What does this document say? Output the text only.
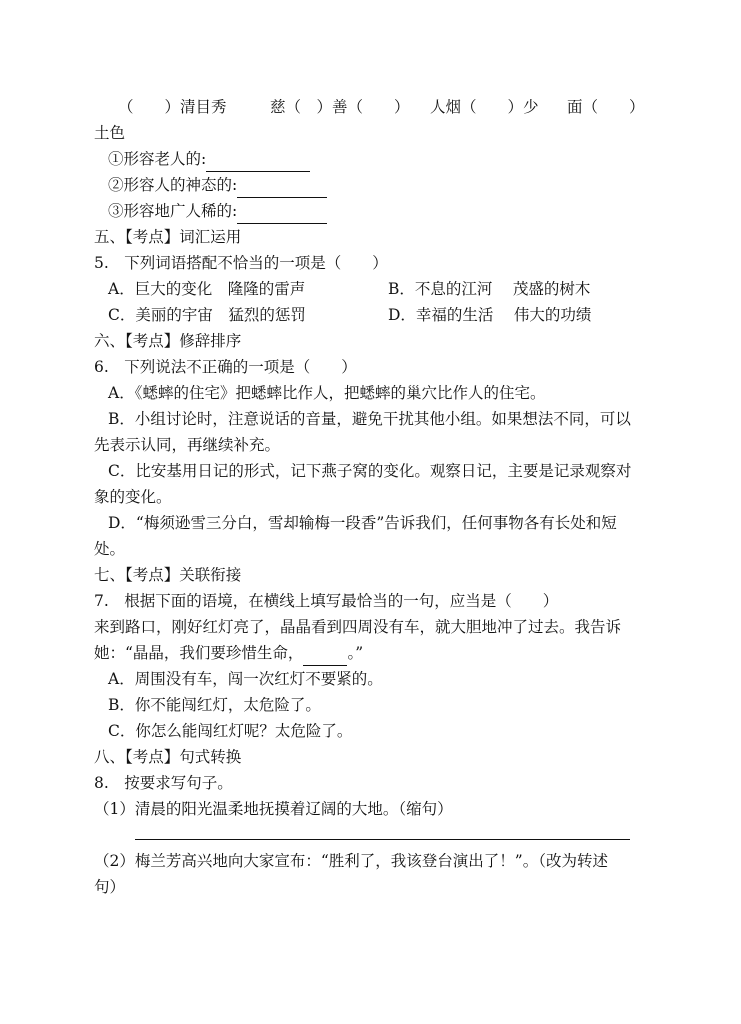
（　　）清目秀	慈（　）善（　　） 人烟（　　）少 面（　　）
土色
①形容老人的:
②形容人的神态的:
③形容地广人稀的:
五、【考点】词汇运用
5.　下列词语搭配不恰当的一项是（　　）
A．巨大的变化　隆隆的雷声	B．不息的江河　 茂盛的树木
C．美丽的宇宙　猛烈的惩罚	D．幸福的生活　 伟大的功绩
六、【考点】修辞排序
6.　下列说法不正确的一项是（　　）
A．《蟋蟀的住宅》把蟋蟀比作人，把蟋蟀的巢穴比作人的住宅。
B．小组讨论时，注意说话的音量，避免干扰其他小组。如果想法不同，可以
先表示认同，再继续补充。
C．比安基用日记的形式，记下燕子窝的变化。观察日记，主要是记录观察对
象的变化。
D．“梅须逊雪三分白，雪却输梅一段香”告诉我们，任何事物各有长处和短
处。
七、【考点】关联衔接
7.　根据下面的语境，在横线上填写最恰当的一句，应当是（　　）
来到路口，刚好红灯亮了，晶晶看到四周没有车，就大胆地冲了过去。我告诉
她：“晶晶，我们要珍惜生命，	。”
A．周围没有车，闯一次红灯不要紧的。
B．你不能闯红灯，太危险了。
C．你怎么能闯红灯呢？太危险了。
八、【考点】句式转换
8.　按要求写句子。
（1）清晨的阳光温柔地抚摸着辽阔的大地。（缩句）
（2）梅兰芳高兴地向大家宣布：“胜利了，我该登台演出了！”。（改为转述
句）
